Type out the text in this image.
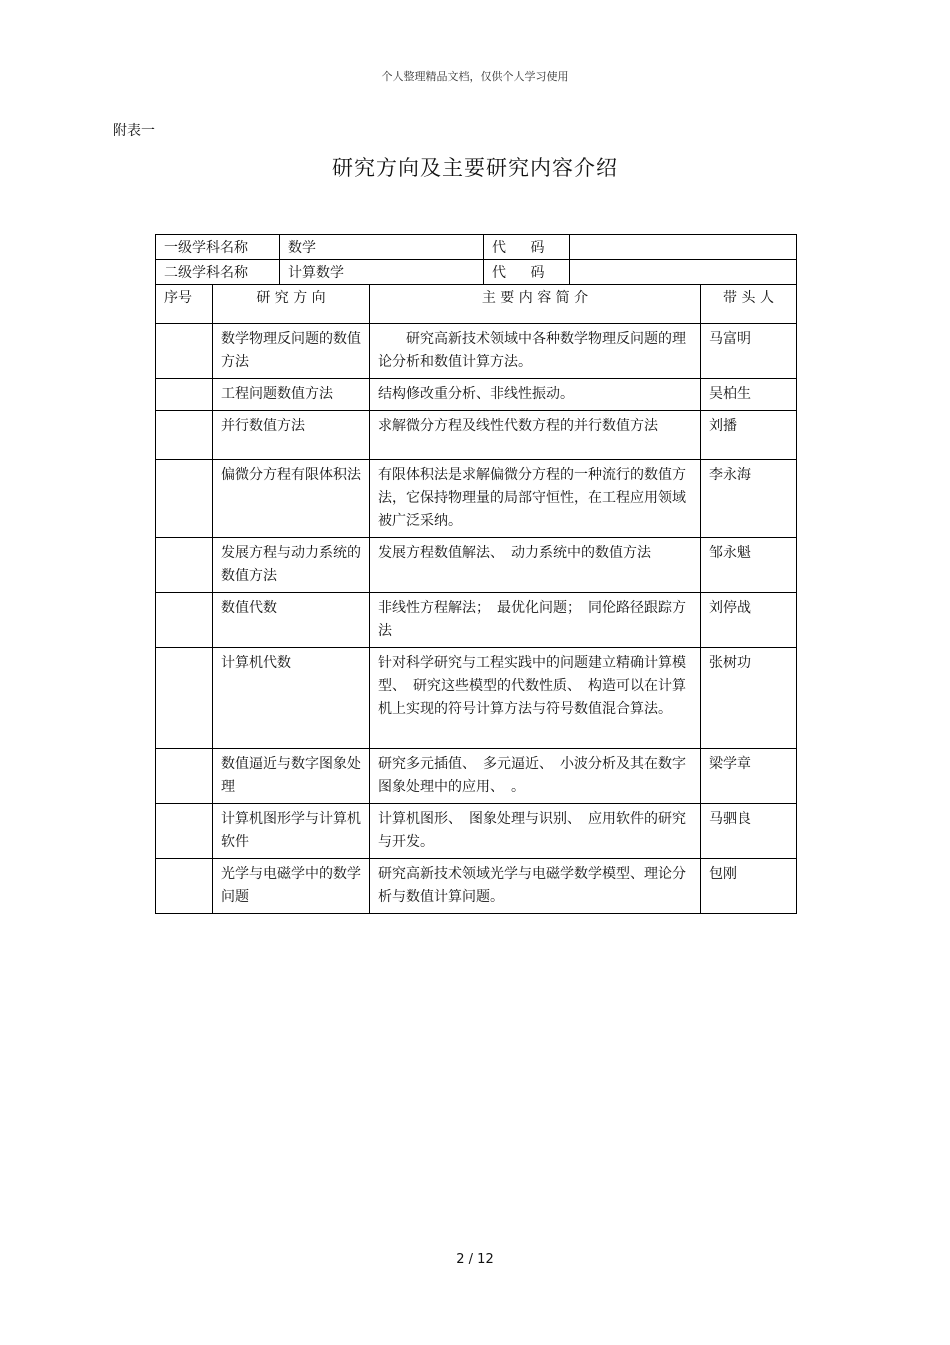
个人整理精品文档，仅供个人学习使用
附表一
研究方向及主要研究内容介绍
一级学科名称	数学	代 码	
二级学科名称	计算数学	代 码	
序号	研 究 方 向	主 要 内 容 简 介	带 头 人
	数学物理反问题的数值方法	　　研究高新技术领域中各种数学物理反问题的理论分析和数值计算方法。	马富明
	工程问题数值方法	结构修改重分析、非线性振动。	吴柏生
	并行数值方法	求解微分方程及线性代数方程的并行数值方法	刘播
	偏微分方程有限体积法	有限体积法是求解偏微分方程的一种流行的数值方法，它保持物理量的局部守恒性，在工程应用领域被广泛采纳。	李永海
	发展方程与动力系统的数值方法	发展方程数值解法、　动力系统中的数值方法	邹永魁
	数值代数	非线性方程解法；　最优化问题；　同伦路径跟踪方法	刘停战
	计算机代数	针对科学研究与工程实践中的问题建立精确计算模型、　研究这些模型的代数性质、　构造可以在计算机上实现的符号计算方法与符号数值混合算法。	张树功
	数值逼近与数字图象处理	研究多元插值、　多元逼近、　小波分析及其在数字图象处理中的应用、　。	梁学章
	计算机图形学与计算机软件	计算机图形、　图象处理与识别、　应用软件的研究与开发。	马驷良
	光学与电磁学中的数学问题	研究高新技术领域光学与电磁学数学模型、理论分析与数值计算问题。	包刚
2 / 12
